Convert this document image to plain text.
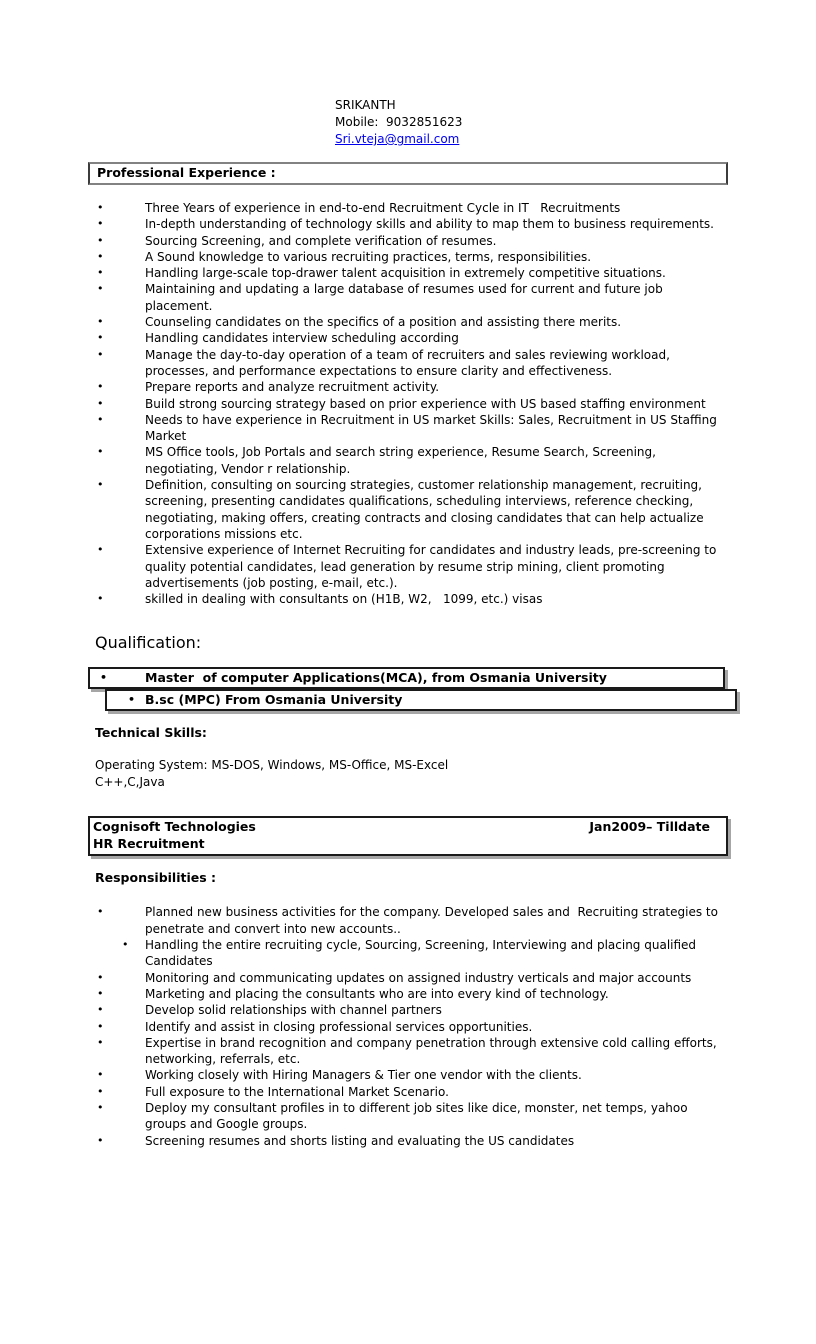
SRIKANTH
Mobile:  9032851623
Sri.vteja@gmail.com
Professional Experience :
•	Three Years of experience in end-to-end Recruitment Cycle in IT   Recruitments
•	In-depth understanding of technology skills and ability to map them to business requirements.
•	Sourcing Screening, and complete verification of resumes.
•	A Sound knowledge to various recruiting practices, terms, responsibilities.
•	Handling large-scale top-drawer talent acquisition in extremely competitive situations.
•	Maintaining and updating a large database of resumes used for current and future job placement.
•	Counseling candidates on the specifics of a position and assisting there merits.
•	Handling candidates interview scheduling according
•	Manage the day-to-day operation of a team of recruiters and sales reviewing workload,   processes, and performance expectations to ensure clarity and effectiveness.
•	Prepare reports and analyze recruitment activity.
•	Build strong sourcing strategy based on prior experience with US based staffing environment
•	Needs to have experience in Recruitment in US market Skills: Sales, Recruitment in US Staffing Market
•	MS Office tools, Job Portals and search string experience, Resume Search, Screening, negotiating, Vendor r relationship.
•	Definition, consulting on sourcing strategies, customer relationship management, recruiting, screening, presenting candidates qualifications, scheduling interviews, reference checking, negotiating, making offers, creating contracts and closing candidates that can help actualize corporations missions etc.
•	Extensive experience of Internet Recruiting for candidates and industry leads, pre-screening to quality potential candidates, lead generation by resume strip mining, client promoting advertisements (job posting, e-mail, etc.).
•	skilled in dealing with consultants on (H1B, W2,   1099, etc.) visas
Qualification:
•	Master  of computer Applications(MCA), from Osmania University
• B.sc (MPC) From Osmania University
Technical Skills:
Operating System: MS-DOS, Windows, MS-Office, MS-Excel
C++,C,Java
Cognisoft Technologies	Jan2009– Tilldate
HR Recruitment
Responsibilities :
•	Planned new business activities for the company. Developed sales and  Recruiting strategies to penetrate and convert into new accounts..
•	Handling the entire recruiting cycle, Sourcing, Screening, Interviewing and placing qualified Candidates
•	Monitoring and communicating updates on assigned industry verticals and major accounts
•	Marketing and placing the consultants who are into every kind of technology.
•	Develop solid relationships with channel partners
•	Identify and assist in closing professional services opportunities.
•	Expertise in brand recognition and company penetration through extensive cold calling efforts, networking, referrals, etc.
•	Working closely with Hiring Managers & Tier one vendor with the clients.
•	Full exposure to the International Market Scenario.
•	Deploy my consultant profiles in to different job sites like dice, monster, net temps, yahoo groups and Google groups.
•	Screening resumes and shorts listing and evaluating the US candidates
